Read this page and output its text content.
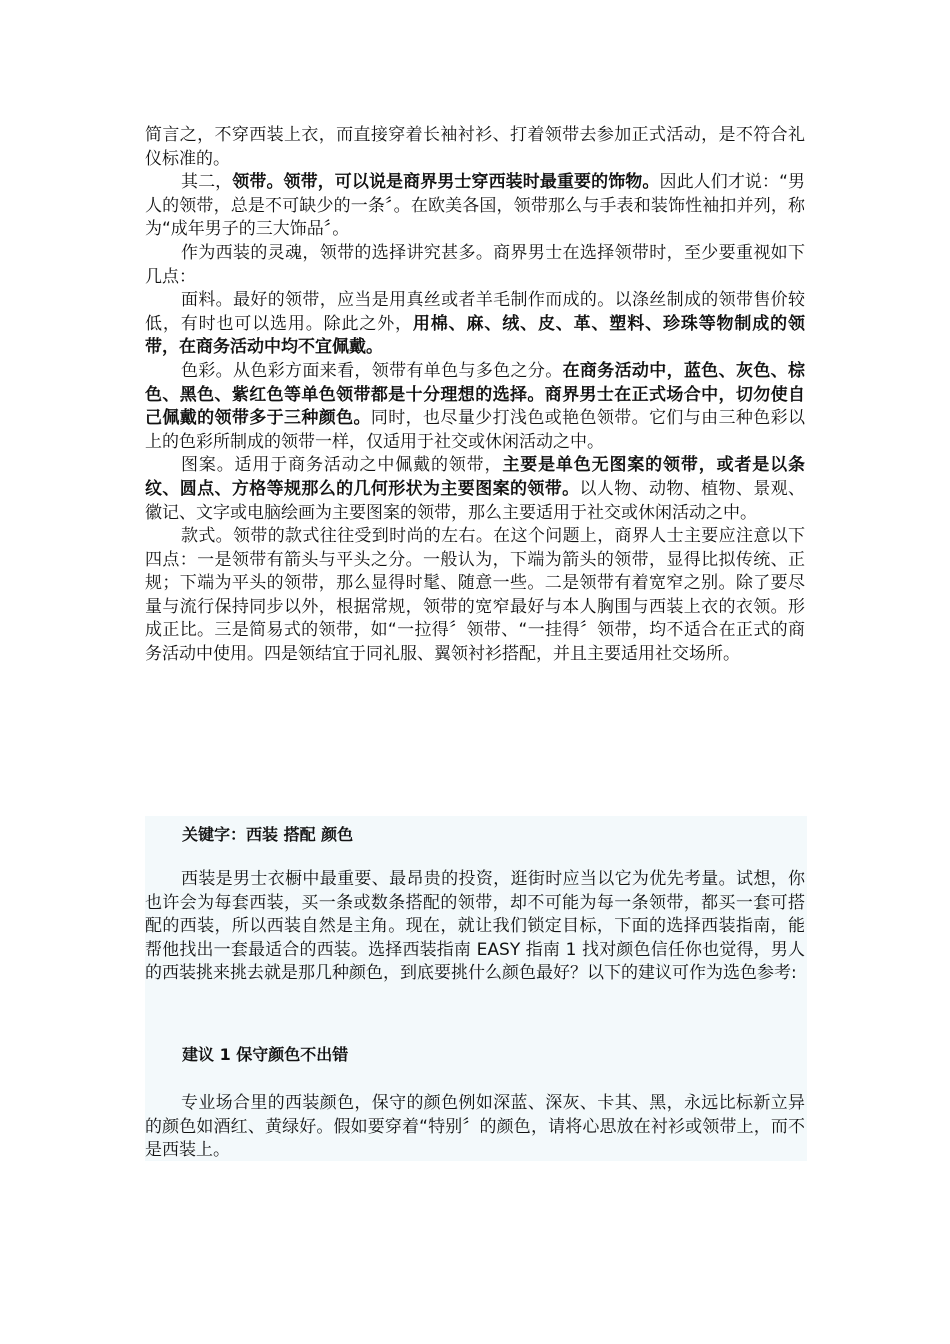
简言之，不穿西装上衣，而直接穿着长袖衬衫、打着领带去参加正式活动，是不符合礼仪标准的。

其二，领带。领带，可以说是商界男士穿西装时最重要的饰物。因此人们才说：“男人的领带，总是不可缺少的一条〞。在欧美各国，领带那么与手表和装饰性袖扣并列，称为“成年男子的三大饰品〞。

作为西装的灵魂，领带的选择讲究甚多。商界男士在选择领带时，至少要重视如下几点：

面料。最好的领带，应当是用真丝或者羊毛制作而成的。以涤丝制成的领带售价较低，有时也可以选用。除此之外，用棉、麻、绒、皮、革、塑料、珍珠等物制成的领带，在商务活动中均不宜佩戴。

色彩。从色彩方面来看，领带有单色与多色之分。在商务活动中，蓝色、灰色、棕色、黑色、紫红色等单色领带都是十分理想的选择。商界男士在正式场合中，切勿使自己佩戴的领带多于三种颜色。同时，也尽量少打浅色或艳色领带。它们与由三种色彩以上的色彩所制成的领带一样，仅适用于社交或休闲活动之中。

图案。适用于商务活动之中佩戴的领带，主要是单色无图案的领带，或者是以条纹、圆点、方格等规那么的几何形状为主要图案的领带。以人物、动物、植物、景观、徽记、文字或电脑绘画为主要图案的领带，那么主要适用于社交或休闲活动之中。

款式。领带的款式往往受到时尚的左右。在这个问题上，商界人士主要应注意以下四点：一是领带有箭头与平头之分。一般认为，下端为箭头的领带，显得比拟传统、正规；下端为平头的领带，那么显得时髦、随意一些。二是领带有着宽窄之别。除了要尽量与流行保持同步以外，根据常规，领带的宽窄最好与本人胸围与西装上衣的衣领。形成正比。三是简易式的领带，如“一拉得〞领带、“一挂得〞领带，均不适合在正式的商务活动中使用。四是领结宜于同礼服、翼领衬衫搭配，并且主要适用社交场所。

关键字：西装 搭配 颜色

西装是男士衣橱中最重要、最昂贵的投资，逛街时应当以它为优先考量。试想，你也许会为每套西装，买一条或数条搭配的领带，却不可能为每一条领带，都买一套可搭配的西装，所以西装自然是主角。现在，就让我们锁定目标，下面的选择西装指南，能帮他找出一套最适合的西装。选择西装指南 EASY 指南 1 找对颜色信任你也觉得，男人的西装挑来挑去就是那几种颜色，到底要挑什么颜色最好？以下的建议可作为选色参考:

建议 1 保守颜色不出错

专业场合里的西装颜色，保守的颜色例如深蓝、深灰、卡其、黑，永远比标新立异的颜色如酒红、黄绿好。假如要穿着“特别〞的颜色，请将心思放在衬衫或领带上，而不是西装上。
